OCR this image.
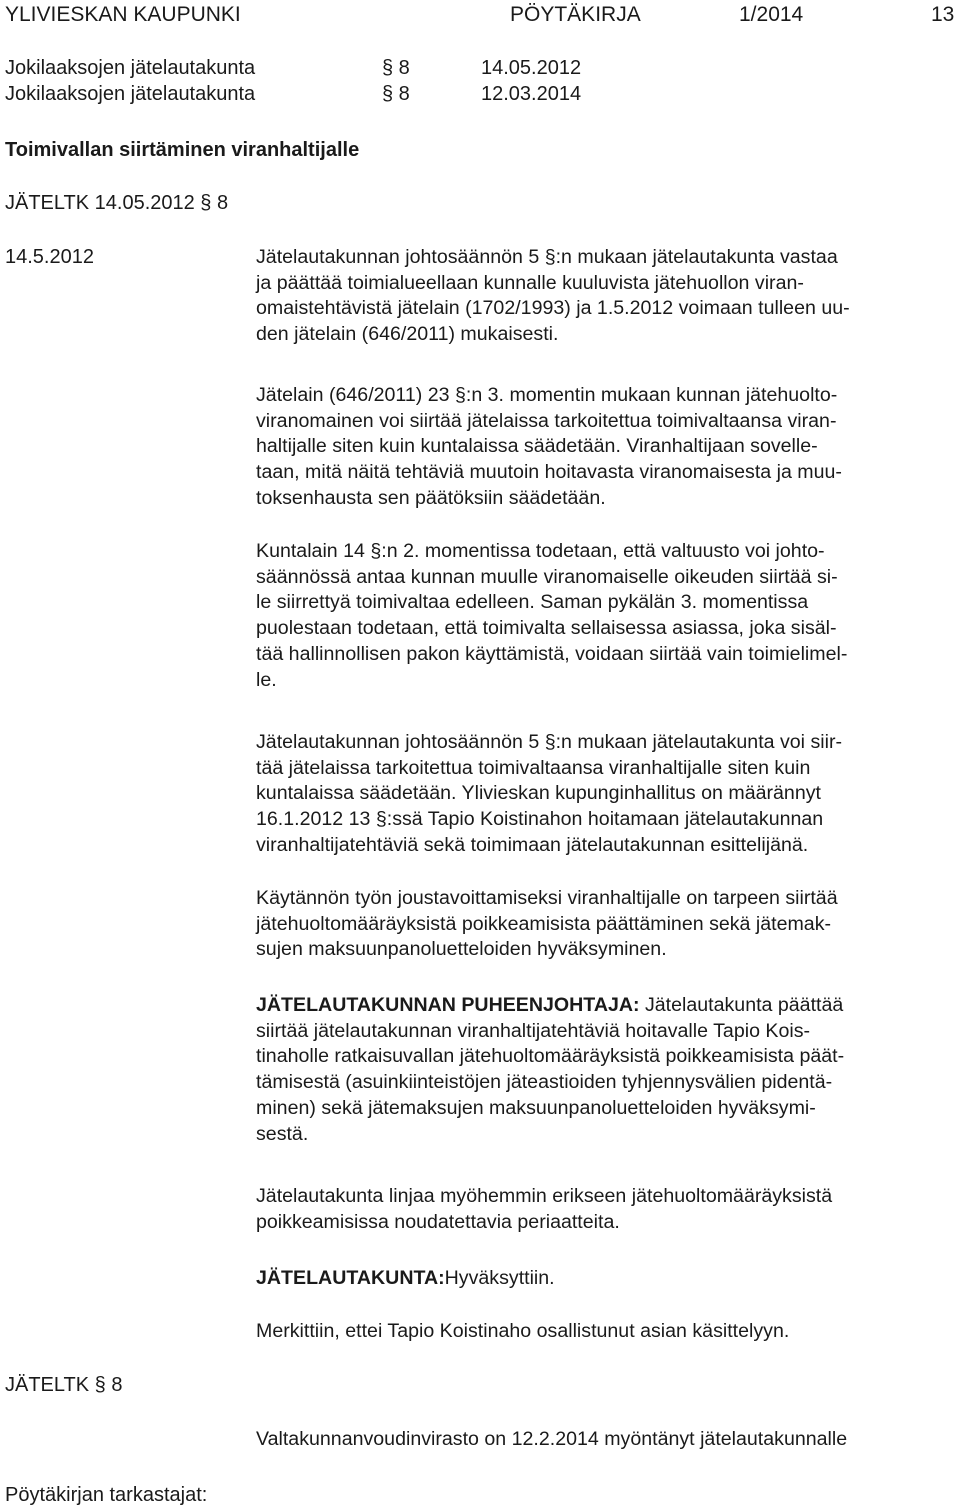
YLIVIESKAN KAUPUNKI	PÖYTÄKIRJA	1/2014	13
Jokilaaksojen jätelautakunta	§ 8	14.05.2012
Jokilaaksojen jätelautakunta	§ 8	12.03.2014
Toimivallan siirtäminen viranhaltijalle
JÄTELTK 14.05.2012 § 8
14.5.2012	Jätelautakunnan johtosäännön 5 §:n mukaan jätelautakunta vastaa

ja päättää toimialueellaan kunnalle kuuluvista jätehuollon viran-

omaistehtävistä jätelain (1702/1993) ja 1.5.2012 voimaan tulleen uu-

den jätelain (646/2011) mukaisesti.

Jätelain (646/2011) 23 §:n 3. momentin mukaan kunnan jätehuolto-

viranomainen voi siirtää jätelaissa tarkoitettua toimivaltaansa viran-

haltijalle siten kuin kuntalaissa säädetään. Viranhaltijaan sovelle-

taan, mitä näitä tehtäviä muutoin hoitavasta viranomaisesta ja muu-

toksenhausta sen päätöksiin säädetään.

Kuntalain 14 §:n 2. momentissa todetaan, että valtuusto voi johto-

säännössä antaa kunnan muulle viranomaiselle oikeuden siirtää si-

le siirrettyä toimivaltaa edelleen. Saman pykälän 3. momentissa

puolestaan todetaan, että toimivalta sellaisessa asiassa, joka sisäl-

tää hallinnollisen pakon käyttämistä, voidaan siirtää vain toimielimel-

le.

Jätelautakunnan johtosäännön 5 §:n mukaan jätelautakunta voi siir-

tää jätelaissa tarkoitettua toimivaltaansa viranhaltijalle siten kuin

kuntalaissa säädetään. Ylivieskan kupunginhallitus on määrännyt

16.1.2012 13 §:ssä Tapio Koistinahon hoitamaan jätelautakunnan

viranhaltijatehtäviä sekä toimimaan jätelautakunnan esittelijänä.

Käytännön työn joustavoittamiseksi viranhaltijalle on tarpeen siirtää

jätehuoltomääräyksistä poikkeamisista päättäminen sekä jätemak-

sujen maksuunpanoluetteloiden hyväksyminen.

JÄTELAUTAKUNNAN PUHEENJOHTAJA: Jätelautakunta päättää

siirtää jätelautakunnan viranhaltijatehtäviä hoitavalle Tapio Kois-

tinaholle ratkaisuvallan jätehuoltomääräyksistä poikkeamisista päät-

tämisestä (asuinkiinteistöjen jäteastioiden tyhjennysvälien pidentä-

minen) sekä jätemaksujen maksuunpanoluetteloiden hyväksymi-

sestä.

Jätelautakunta linjaa myöhemmin erikseen jätehuoltomääräyksistä

poikkeamisissa noudatettavia periaatteita.

JÄTELAUTAKUNTA:Hyväksyttiin.

Merkittiin, ettei Tapio Koistinaho osallistunut asian käsittelyyn.

JÄTELTK § 8

Valtakunnanvoudinvirasto on 12.2.2014 myöntänyt jätelautakunnalle

Pöytäkirjan tarkastajat:
